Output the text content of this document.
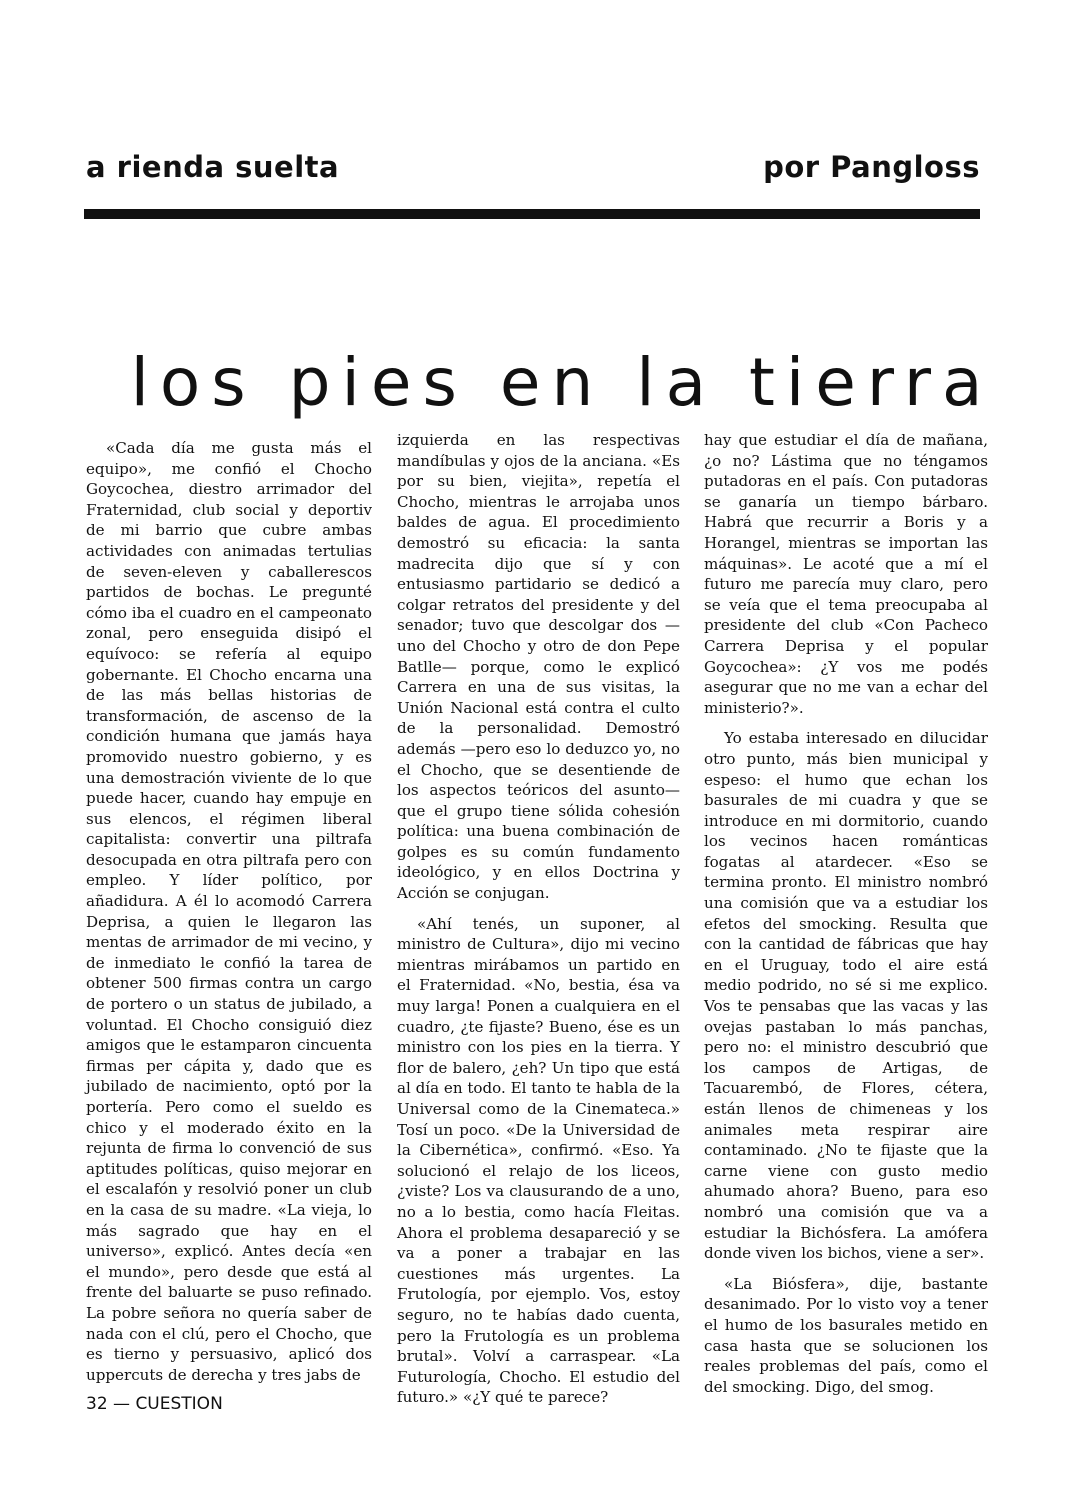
a rienda suelta	por Pangloss
los pies en la tierra

«Cada día me gusta más el equipo», me confió el Chocho Goycochea, diestro arrimador del Fraternidad, club social y deportiv de mi barrio que cubre ambas actividades con animadas tertulias de seven-eleven y caballerescos partidos de bochas. Le pregunté cómo iba el cuadro en el campeonato zonal, pero enseguida disipó el equívoco: se refería al equipo gobernante. El Chocho encarna una de las más bellas historias de transformación, de ascenso de la condición humana que jamás haya promovido nuestro gobierno, y es una demostración viviente de lo que puede hacer, cuando hay empuje en sus elencos, el régimen liberal capitalista: convertir una piltrafa desocupada en otra piltrafa pero con empleo. Y líder político, por añadidura. A él lo acomodó Carrera Deprisa, a quien le llegaron las mentas de arrimador de mi vecino, y de inmediato le confió la tarea de obtener 500 firmas contra un cargo de portero o un status de jubilado, a voluntad. El Chocho consiguió diez amigos que le estamparon cincuenta firmas per cápita y, dado que es jubilado de nacimiento, optó por la portería. Pero como el sueldo es chico y el moderado éxito en la rejunta de firma lo convenció de sus aptitudes políticas, quiso mejorar en el escalafón y resolvió poner un club en la casa de su madre. «La vieja, lo más sagrado que hay en el universo», explicó. Antes decía «en el mundo», pero desde que está al frente del baluarte se puso refinado. La pobre señora no quería saber de nada con el clú, pero el Chocho, que es tierno y persuasivo, aplicó dos uppercuts de derecha y tres jabs de

izquierda en las respectivas mandíbulas y ojos de la anciana. «Es por su bien, viejita», repetía el Chocho, mientras le arrojaba unos baldes de agua. El procedimiento demostró su eficacia: la santa madrecita dijo que sí y con entusiasmo partidario se dedicó a colgar retratos del presidente y del senador; tuvo que descolgar dos —uno del Chocho y otro de don Pepe Batlle— porque, como le explicó Carrera en una de sus visitas, la Unión Nacional está contra el culto de la personalidad. Demostró además —pero eso lo deduzco yo, no el Chocho, que se desentiende de los aspectos teóricos del asunto— que el grupo tiene sólida cohesión política: una buena combinación de golpes es su común fundamento ideológico, y en ellos Doctrina y Acción se conjugan.

«Ahí tenés, un suponer, al ministro de Cultura», dijo mi vecino mientras mirábamos un partido en el Fraternidad. «No, bestia, ésa va muy larga! Ponen a cualquiera en el cuadro, ¿te fijaste? Bueno, ése es un ministro con los pies en la tierra. Y flor de balero, ¿eh? Un tipo que está al día en todo. El tanto te habla de la Universal como de la Cinemateca.» Tosí un poco. «De la Universidad de la Cibernética», confirmó. «Eso. Ya solucionó el relajo de los liceos, ¿viste? Los va clausurando de a uno, no a lo bestia, como hacía Fleitas. Ahora el problema desapareció y se va a poner a trabajar en las cuestiones más urgentes. La Frutología, por ejemplo. Vos, estoy seguro, no te habías dado cuenta, pero la Frutología es un problema brutal». Volví a carraspear. «La Futurología, Chocho. El estudio del futuro.» «¿Y qué te parece?

hay que estudiar el día de mañana, ¿o no? Lástima que no téngamos putadoras en el país. Con putadoras se ganaría un tiempo bárbaro. Habrá que recurrir a Boris y a Horangel, mientras se importan las máquinas». Le acoté que a mí el futuro me parecía muy claro, pero se veía que el tema preocupaba al presidente del club «Con Pacheco Carrera Deprisa y el popular Goycochea»: ¿Y vos me podés asegurar que no me van a echar del ministerio?».

Yo estaba interesado en dilucidar otro punto, más bien municipal y espeso: el humo que echan los basurales de mi cuadra y que se introduce en mi dormitorio, cuando los vecinos hacen románticas fogatas al atardecer. «Eso se termina pronto. El ministro nombró una comisión que va a estudiar los efetos del smocking. Resulta que con la cantidad de fábricas que hay en el Uruguay, todo el aire está medio podrido, no sé si me explico. Vos te pensabas que las vacas y las ovejas pastaban lo más panchas, pero no: el ministro descubrió que los campos de Artigas, de Tacuarembó, de Flores, cétera, están llenos de chimeneas y los animales meta respirar aire contaminado. ¿No te fijaste que la carne viene con gusto medio ahumado ahora? Bueno, para eso nombró una comisión que va a estudiar la Bichósfera. La amófera donde viven los bichos, viene a ser».

«La Biósfera», dije, bastante desanimado. Por lo visto voy a tener el humo de los basurales metido en casa hasta que se solucionen los reales problemas del país, como el del smocking. Digo, del smog.

32 — CUESTION
